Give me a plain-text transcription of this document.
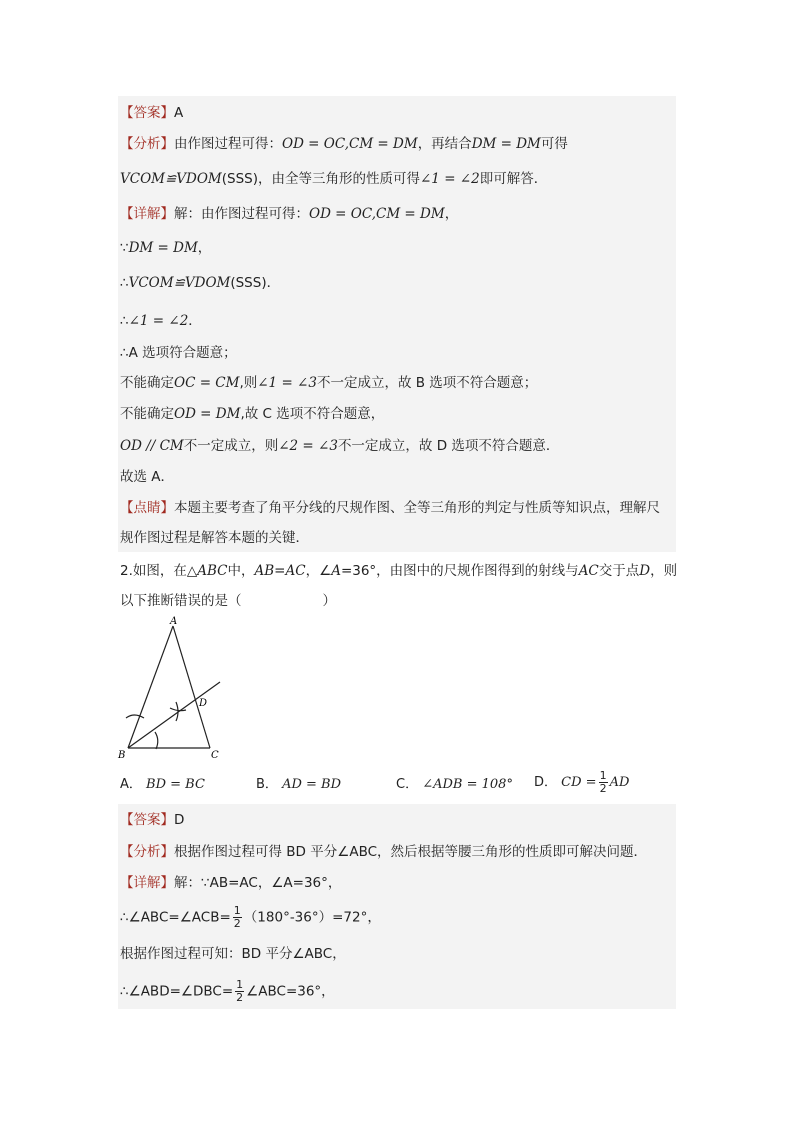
【答案】A
【分析】由作图过程可得：OD = OC,CM = DM，再结合DM = DM可得
VCOM≌VDOM(SSS)，由全等三角形的性质可得∠1 = ∠2即可解答．
【详解】解：由作图过程可得：OD = OC,CM = DM，
∵DM = DM，
∴VCOM≌VDOM(SSS)．
∴∠1 = ∠2．
∴A 选项符合题意；
不能确定OC = CM,则∠1 = ∠3不一定成立，故 B 选项不符合题意；
不能确定OD = DM,故 C 选项不符合题意，
OD // CM不一定成立，则∠2 = ∠3不一定成立，故 D 选项不符合题意．
故选 A．
【点睛】本题主要考查了角平分线的尺规作图、全等三角形的判定与性质等知识点，理解尺
规作图过程是解答本题的关键．
2.如图，在△ABC中，AB=AC，∠A=36°，由图中的尺规作图得到的射线与AC交于点D，则
以下推断错误的是（　　　　　　）
A
B	C
D
A． BD = BC	B． AD = BD	C． ∠ADB = 108° D． CD = $\frac{1}{2}$ AD
【答案】D
【分析】根据作图过程可得 BD 平分∠ABC，然后根据等腰三角形的性质即可解决问题．
【详解】解：∵AB=AC，∠A=36°，
∴∠ABC=∠ACB= $\frac{1}{2} (180^\circ-36^\circ)=72^\circ$，
根据作图过程可知：BD 平分∠ABC，
∴∠ABD=∠DBC= $\frac{1}{2}$ ∠ABC=36°，
